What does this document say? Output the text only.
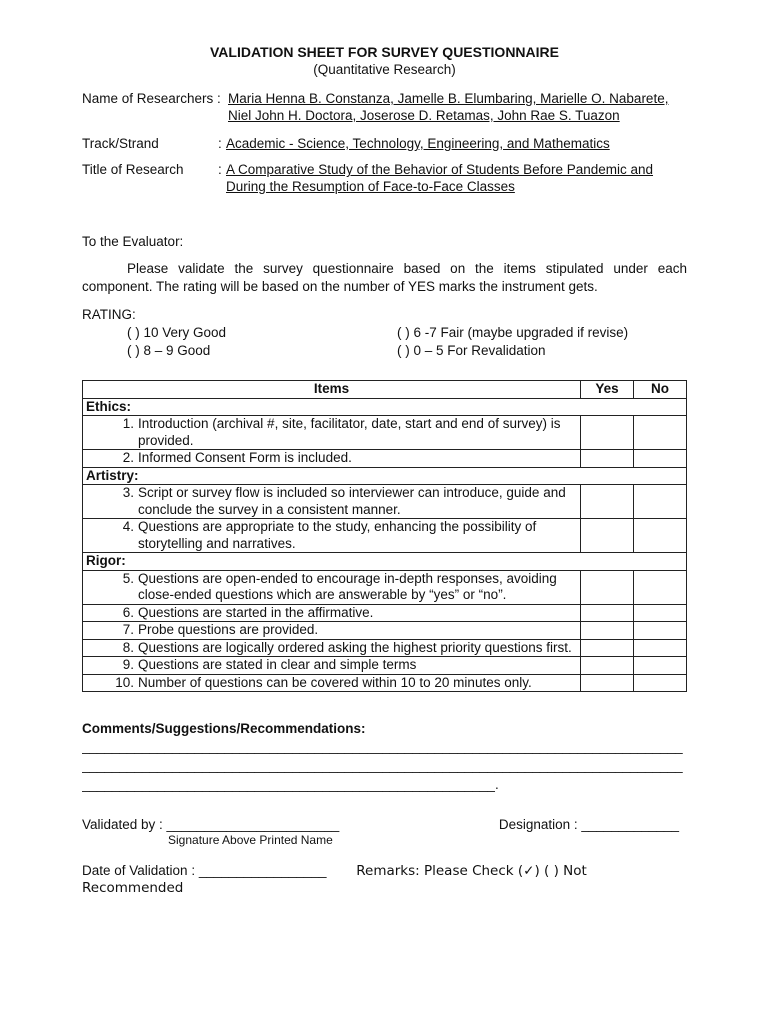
VALIDATION SHEET FOR SURVEY QUESTIONNAIRE
(Quantitative Research)
Name of Researchers : Maria Henna B. Constanza, Jamelle B. Elumbaring, Marielle O. Nabarete,
Niel John H. Doctora, Joserose D. Retamas, John Rae S. Tuazon
Track/Strand	: Academic - Science, Technology, Engineering, and Mathematics
Title of Research	: A Comparative Study of the Behavior of Students Before Pandemic and
During the Resumption of Face-to-Face Classes
To the Evaluator:
Please validate the survey questionnaire based on the items stipulated under each component. The rating will be based on the number of YES marks the instrument gets.
RATING:
( ) 10 Very Good	( ) 6 -7 Fair (maybe upgraded if revise)
( ) 8 – 9 Good	( ) 0 – 5 For Revalidation
Items	Yes	No
Ethics:		

1. Introduction (archival #, site, facilitator, date, start and end of survey) is provided.		

2. Informed Consent Form is included.		

Artistry:		

3. Script or survey flow is included so interviewer can introduce, guide and conclude the survey in a consistent manner.		

4. Questions are appropriate to the study, enhancing the possibility of storytelling and narratives.		

Rigor:		

5. Questions are open-ended to encourage in-depth responses, avoiding close-ended questions which are answerable by “yes” or “no”.		

6. Questions are started in the affirmative.		

7. Probe questions are provided.		

8. Questions are logically ordered asking the highest priority questions first.		

9. Questions are stated in clear and simple terms		

10. Number of questions can be covered within 10 to 20 minutes only.		

Comments/Suggestions/Recommendations:
________________________________________________________________________________
________________________________________________________________________________
_______________________________________________________.
Validated by : _______________________	Designation : _____________
Signature Above Printed Name
Date of Validation : _________________ Remarks: Please Check (✓) ( ) Not
Recommended
